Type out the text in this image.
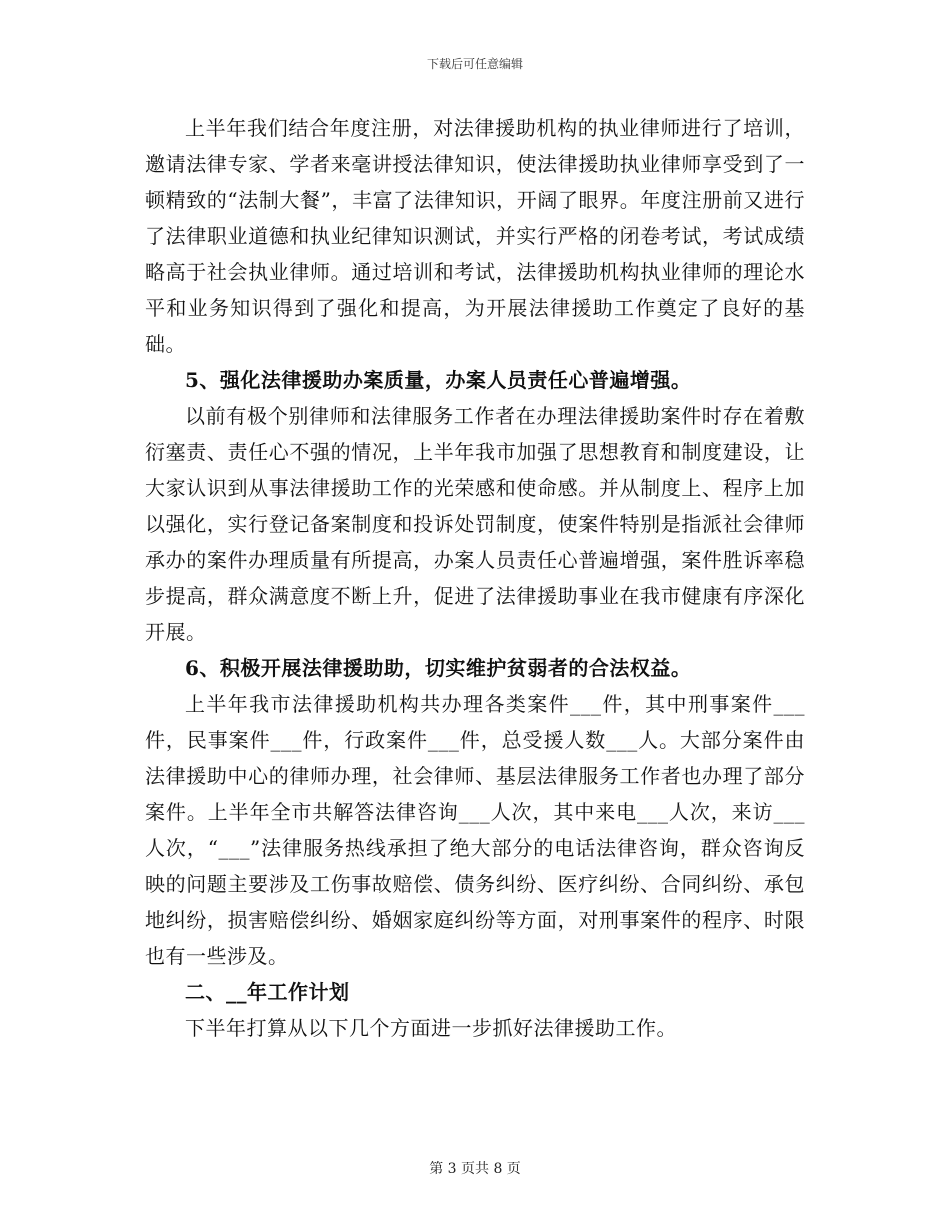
下载后可任意编辑

上半年我们结合年度注册，对法律援助机构的执业律师进行了培训，邀请法律专家、学者来毫讲授法律知识，使法律援助执业律师享受到了一顿精致的“法制大餐”，丰富了法律知识，开阔了眼界。年度注册前又进行了法律职业道德和执业纪律知识测试，并实行严格的闭卷考试，考试成绩略高于社会执业律师。通过培训和考试，法律援助机构执业律师的理论水平和业务知识得到了强化和提高，为开展法律援助工作奠定了良好的基础。

5、强化法律援助办案质量，办案人员责任心普遍增强。

以前有极个别律师和法律服务工作者在办理法律援助案件时存在着敷衍塞责、责任心不强的情况，上半年我市加强了思想教育和制度建设，让大家认识到从事法律援助工作的光荣感和使命感。并从制度上、程序上加以强化，实行登记备案制度和投诉处罚制度，使案件特别是指派社会律师承办的案件办理质量有所提高，办案人员责任心普遍增强，案件胜诉率稳步提高，群众满意度不断上升，促进了法律援助事业在我市健康有序深化开展。

6、积极开展法律援助助，切实维护贫弱者的合法权益。

上半年我市法律援助机构共办理各类案件___件，其中刑事案件___件，民事案件___件，行政案件___件，总受援人数___人。大部分案件由法律援助中心的律师办理，社会律师、基层法律服务工作者也办理了部分案件。上半年全市共解答法律咨询___人次，其中来电___人次，来访___人次，“___”法律服务热线承担了绝大部分的电话法律咨询，群众咨询反映的问题主要涉及工伤事故赔偿、债务纠纷、医疗纠纷、合同纠纷、承包地纠纷，损害赔偿纠纷、婚姻家庭纠纷等方面，对刑事案件的程序、时限也有一些涉及。

二、__年工作计划

下半年打算从以下几个方面进一步抓好法律援助工作。

第 3 页共 8 页
